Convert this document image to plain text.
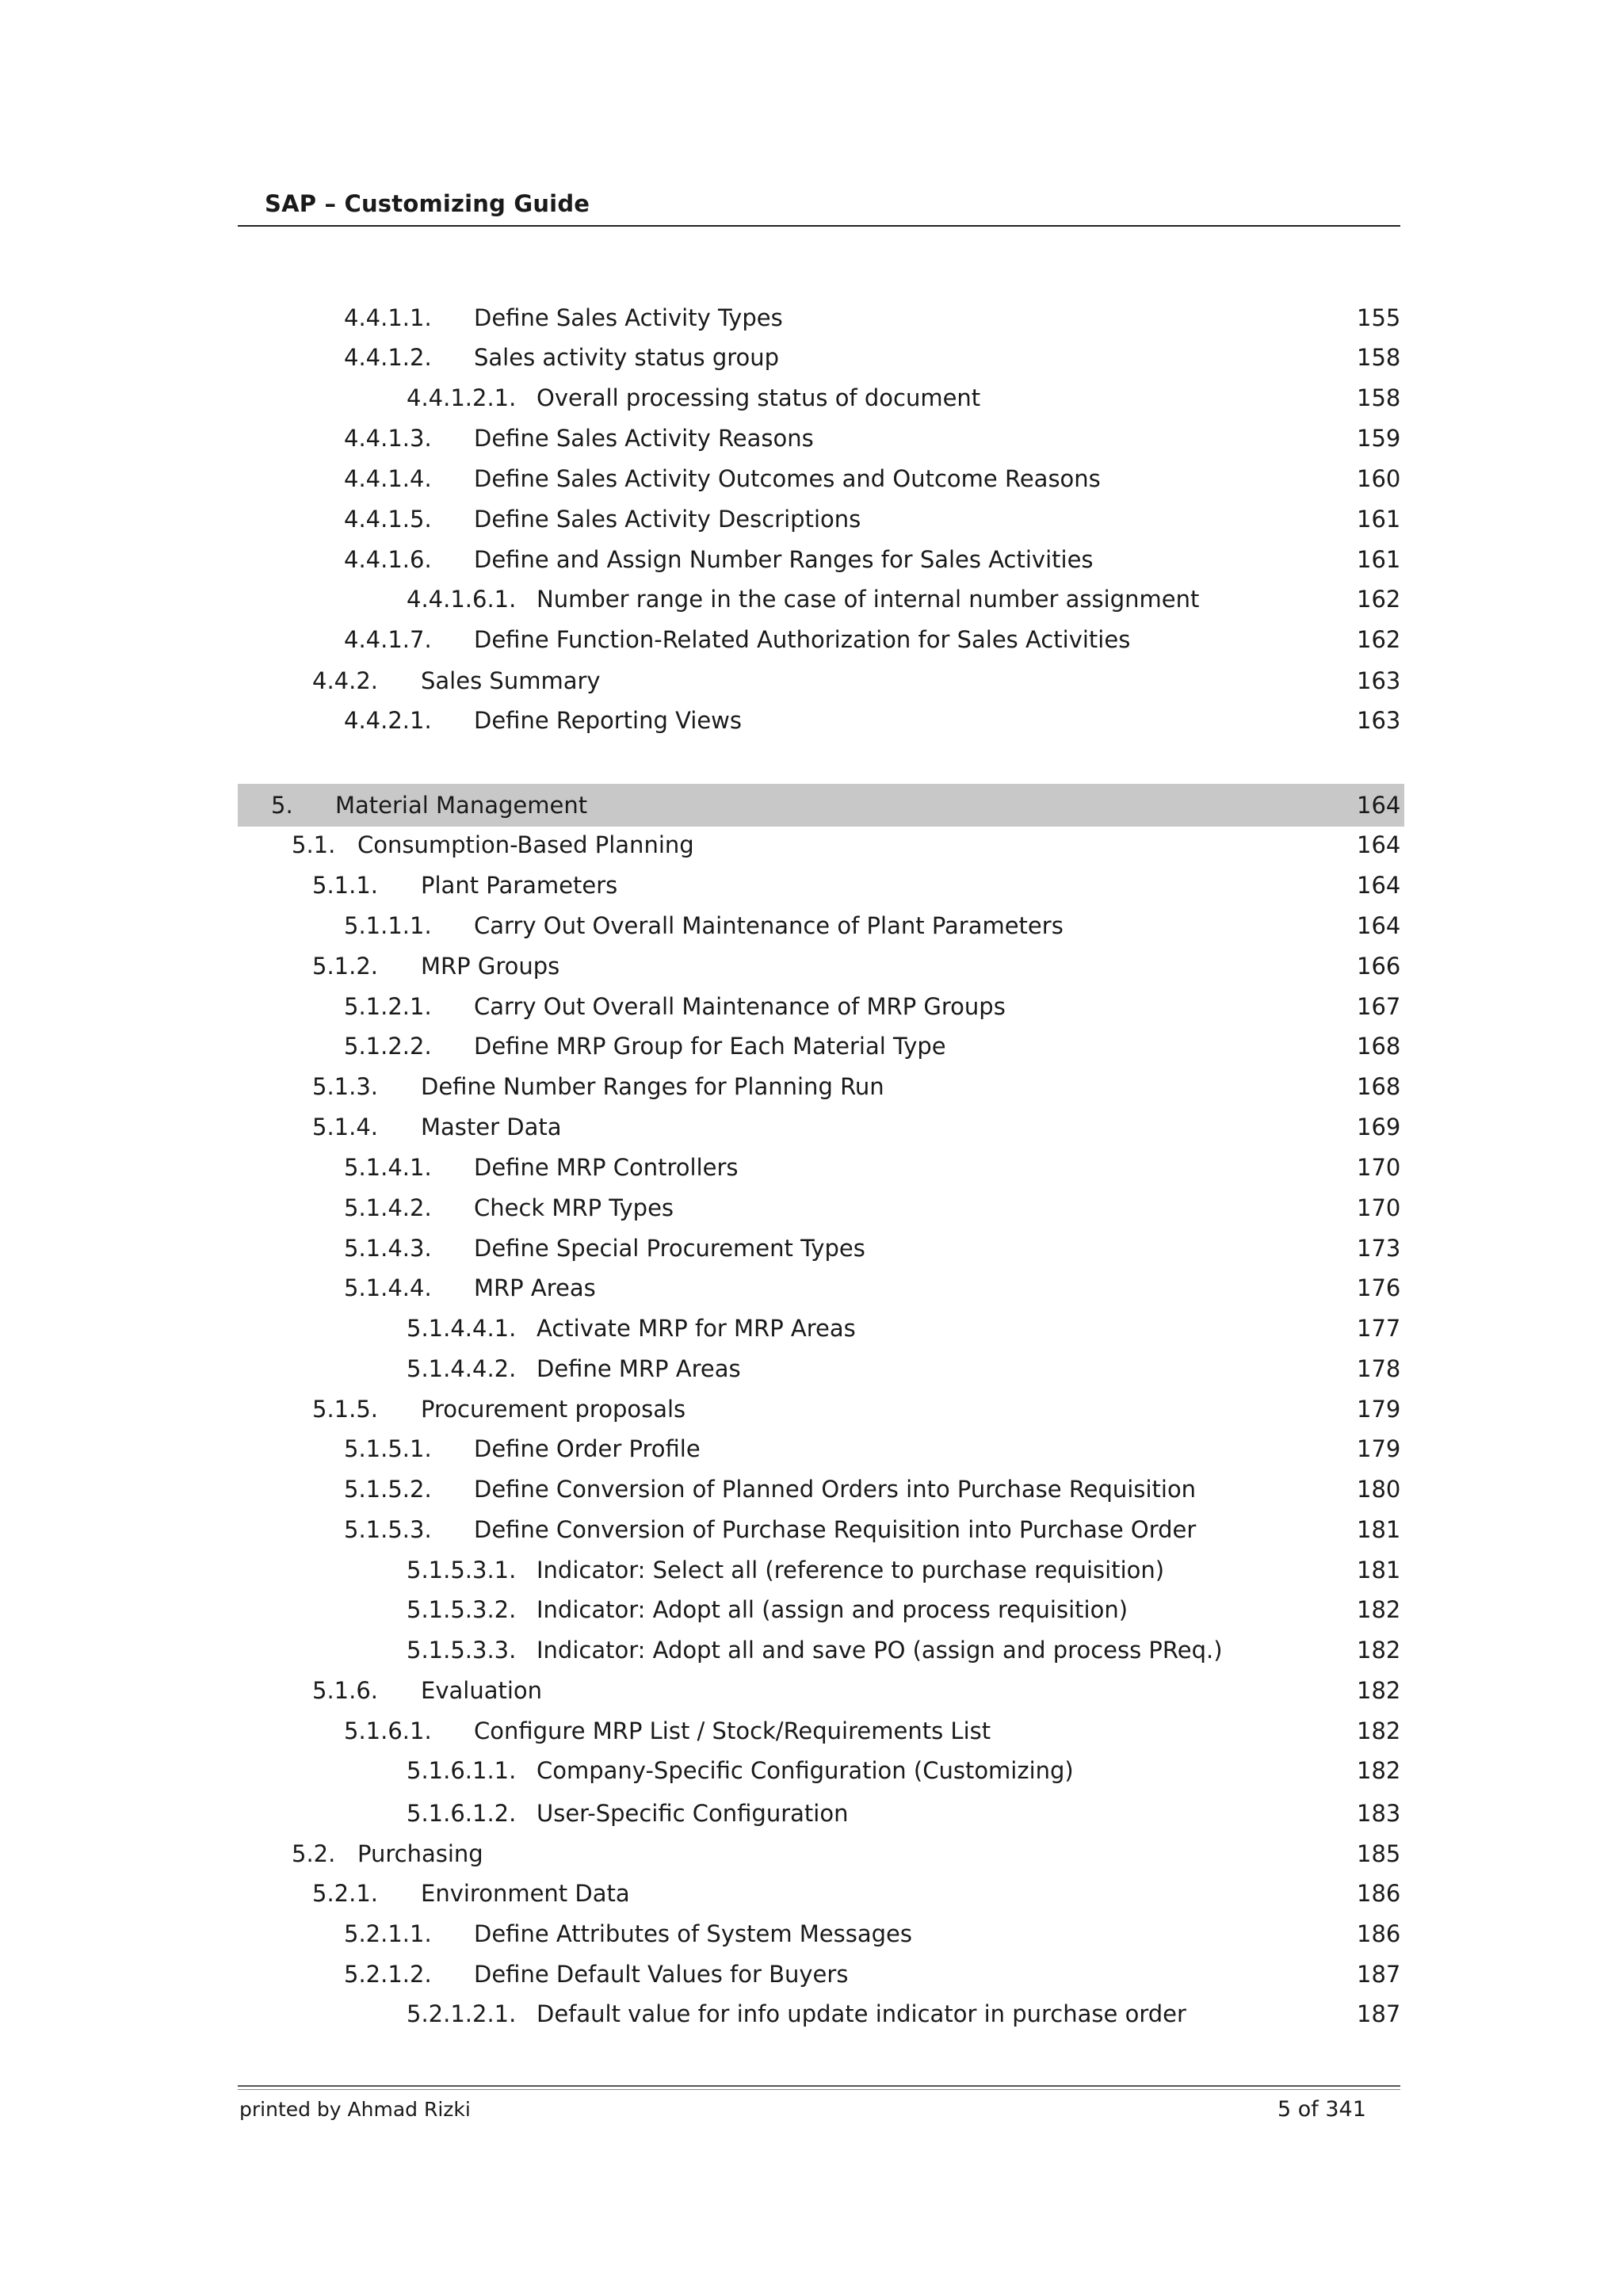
SAP – Customizing Guide
4.4.1.1. Define Sales Activity Types	155
4.4.1.2. Sales activity status group	158
4.4.1.2.1. Overall processing status of document	158
4.4.1.3. Define Sales Activity Reasons	159
4.4.1.4. Define Sales Activity Outcomes and Outcome Reasons	160
4.4.1.5. Define Sales Activity Descriptions	161
4.4.1.6. Define and Assign Number Ranges for Sales Activities	161
4.4.1.6.1. Number range in the case of internal number assignment	162
4.4.1.7. Define Function-Related Authorization for Sales Activities	162
4.4.2. Sales Summary	163
4.4.2.1. Define Reporting Views	163
5. Material Management	164
5.1. Consumption-Based Planning	164
5.1.1. Plant Parameters	164
5.1.1.1. Carry Out Overall Maintenance of Plant Parameters	164
5.1.2. MRP Groups	166
5.1.2.1. Carry Out Overall Maintenance of MRP Groups	167
5.1.2.2. Define MRP Group for Each Material Type	168
5.1.3. Define Number Ranges for Planning Run	168
5.1.4. Master Data	169
5.1.4.1. Define MRP Controllers	170
5.1.4.2. Check MRP Types	170
5.1.4.3. Define Special Procurement Types	173
5.1.4.4. MRP Areas	176
5.1.4.4.1. Activate MRP for MRP Areas	177
5.1.4.4.2. Define MRP Areas	178
5.1.5. Procurement proposals	179
5.1.5.1. Define Order Profile	179
5.1.5.2. Define Conversion of Planned Orders into Purchase Requisition	180
5.1.5.3. Define Conversion of Purchase Requisition into Purchase Order	181
5.1.5.3.1. Indicator: Select all (reference to purchase requisition)	181
5.1.5.3.2. Indicator: Adopt all (assign and process requisition)	182
5.1.5.3.3. Indicator: Adopt all and save PO (assign and process PReq.)	182
5.1.6. Evaluation	182
5.1.6.1. Configure MRP List / Stock/Requirements List	182
5.1.6.1.1. Company-Specific Configuration (Customizing)	182
5.1.6.1.2. User-Specific Configuration	183
5.2. Purchasing	185
5.2.1. Environment Data	186
5.2.1.1. Define Attributes of System Messages	186
5.2.1.2. Define Default Values for Buyers	187
5.2.1.2.1. Default value for info update indicator in purchase order	187
printed by Ahmad Rizki	5 of 341
